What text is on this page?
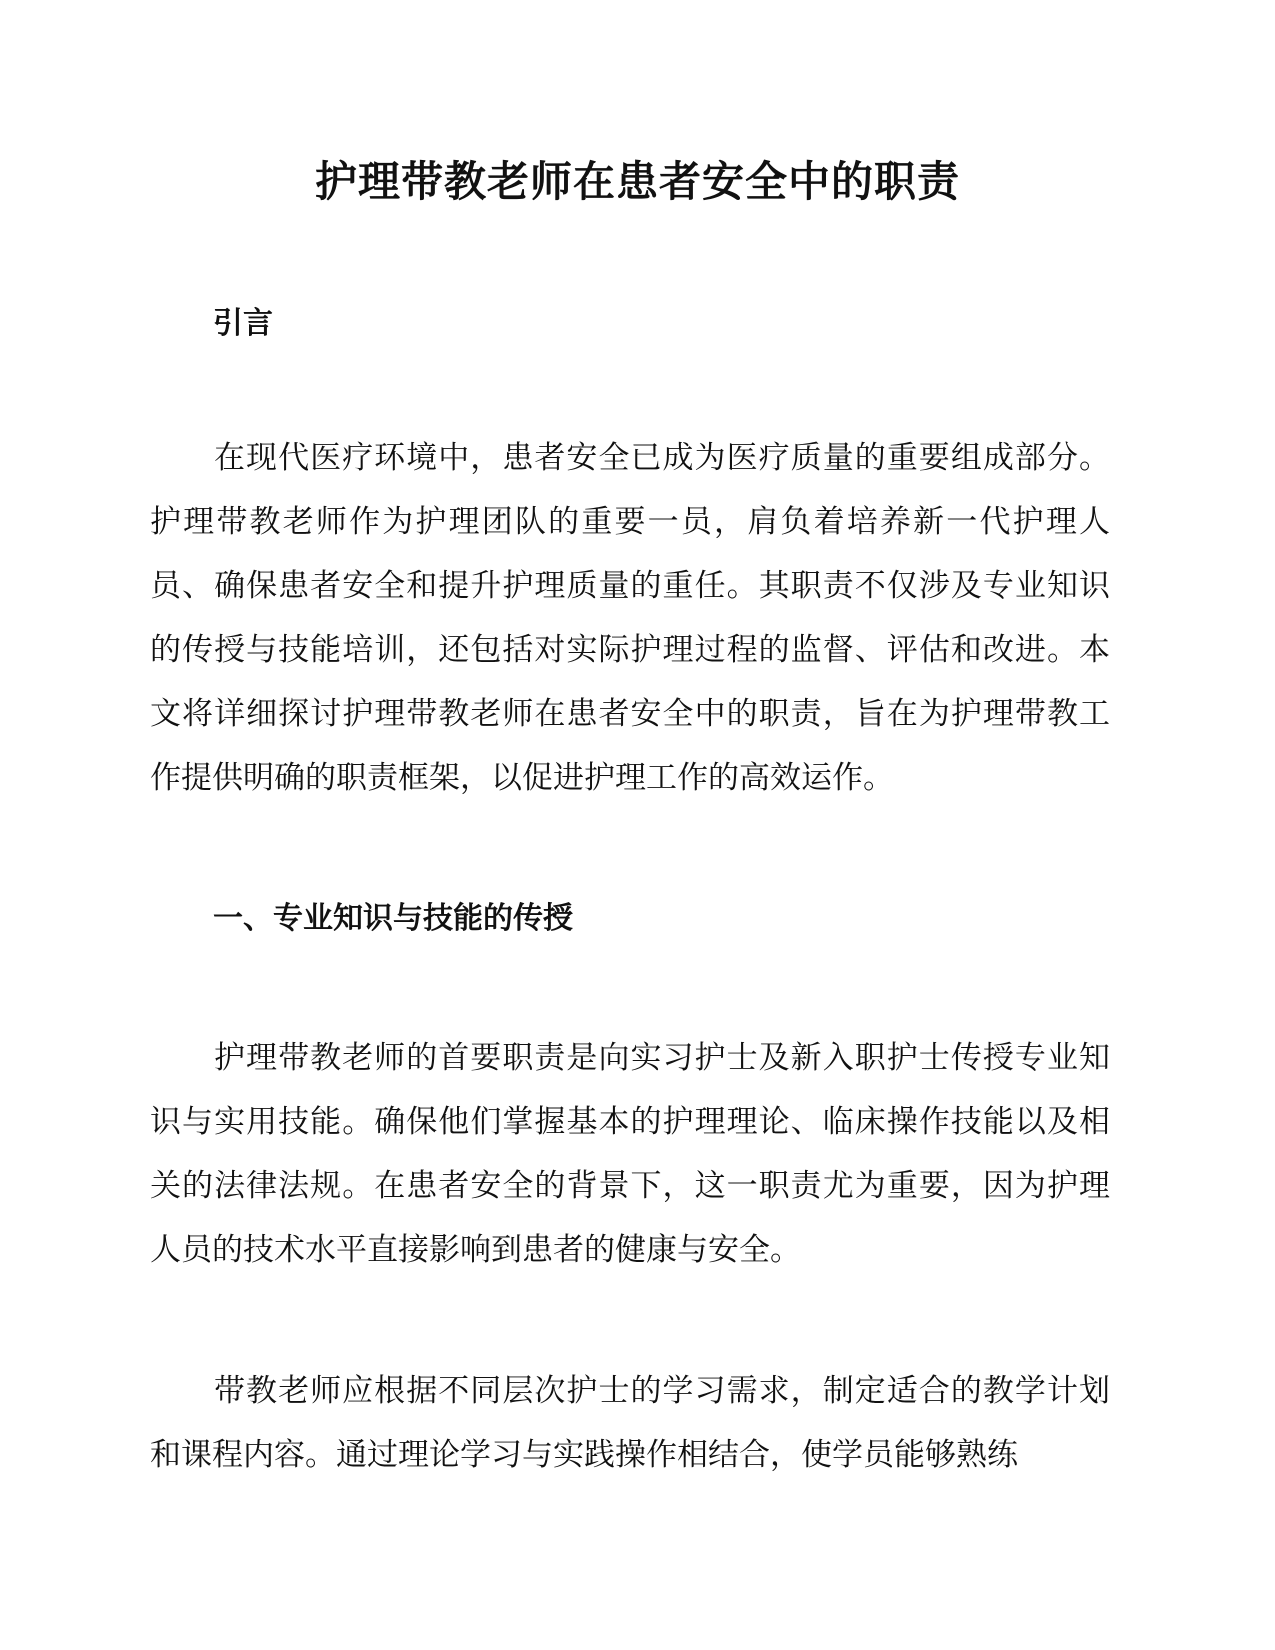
护理带教老师在患者安全中的职责
引言

在现代医疗环境中，患者安全已成为医疗质量的重要组成部分。护理带教老师作为护理团队的重要一员，肩负着培养新一代护理人员、确保患者安全和提升护理质量的重任。其职责不仅涉及专业知识的传授与技能培训，还包括对实际护理过程的监督、评估和改进。本文将详细探讨护理带教老师在患者安全中的职责，旨在为护理带教工作提供明确的职责框架，以促进护理工作的高效运作。

一、专业知识与技能的传授

护理带教老师的首要职责是向实习护士及新入职护士传授专业知识与实用技能。确保他们掌握基本的护理理论、临床操作技能以及相关的法律法规。在患者安全的背景下，这一职责尤为重要，因为护理人员的技术水平直接影响到患者的健康与安全。

带教老师应根据不同层次护士的学习需求，制定适合的教学计划和课程内容。通过理论学习与实践操作相结合，使学员能够熟练
